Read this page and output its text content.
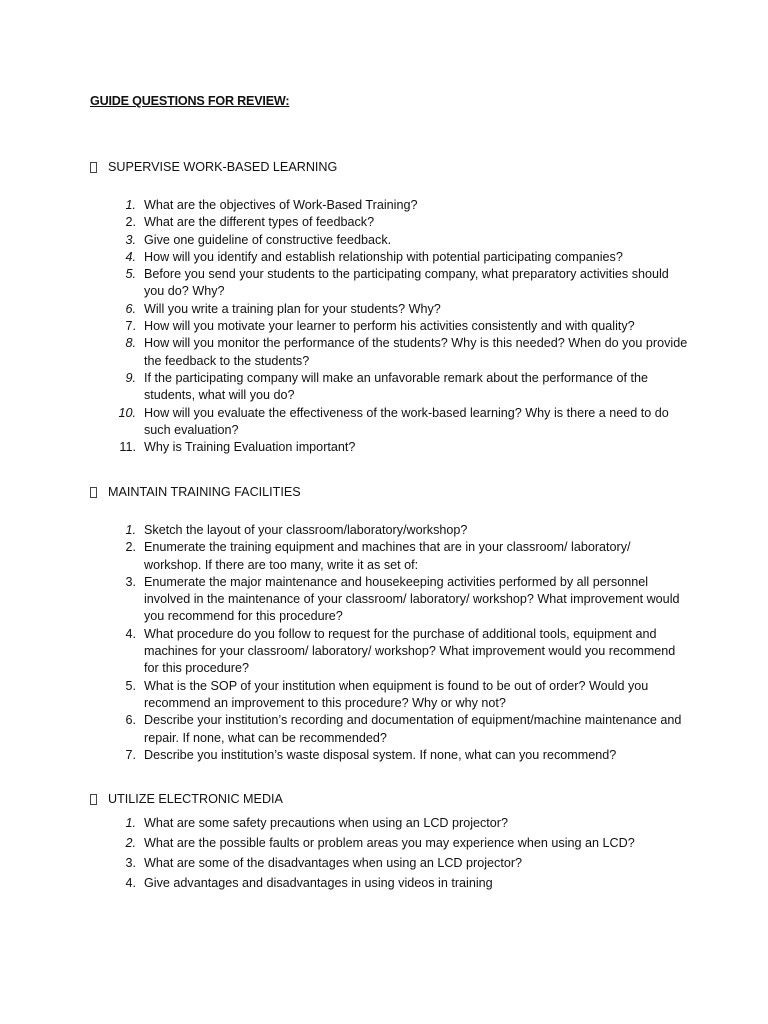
GUIDE QUESTIONS FOR REVIEW:
SUPERVISE WORK-BASED LEARNING
1. What are the objectives of Work-Based Training?
2. What are the different types of feedback?
3. Give one guideline of constructive feedback.
4. How will you identify and establish relationship with potential participating companies?
5. Before you send your students to the participating company, what preparatory activities should you do? Why?
6. Will you write a training plan for your students? Why?
7. How will you motivate your learner to perform his activities consistently and with quality?
8. How will you monitor the performance of the students? Why is this needed? When do you provide the feedback to the students?
9. If the participating company will make an unfavorable remark about the performance of the students, what will you do?
10. How will you evaluate the effectiveness of the work-based learning? Why is there a need to do such evaluation?
11. Why is Training Evaluation important?
MAINTAIN TRAINING FACILITIES
1. Sketch the layout of your classroom/laboratory/workshop?
2. Enumerate the training equipment and machines that are in your classroom/ laboratory/ workshop. If there are too many, write it as set of:
3. Enumerate the major maintenance and housekeeping activities performed by all personnel involved in the maintenance of your classroom/ laboratory/ workshop? What improvement would you recommend for this procedure?
4. What procedure do you follow to request for the purchase of additional tools, equipment and machines for your classroom/ laboratory/ workshop? What improvement would you recommend for this procedure?
5. What is the SOP of your institution when equipment is found to be out of order? Would you recommend an improvement to this procedure? Why or why not?
6. Describe your institution’s recording and documentation of equipment/machine maintenance and repair. If none, what can be recommended?
7. Describe you institution’s waste disposal system. If none, what can you recommend?
UTILIZE ELECTRONIC MEDIA
1. What are some safety precautions when using an LCD projector?
2. What are the possible faults or problem areas you may experience when using an LCD?
3. What are some of the disadvantages when using an LCD projector?
4. Give advantages and disadvantages in using videos in training
